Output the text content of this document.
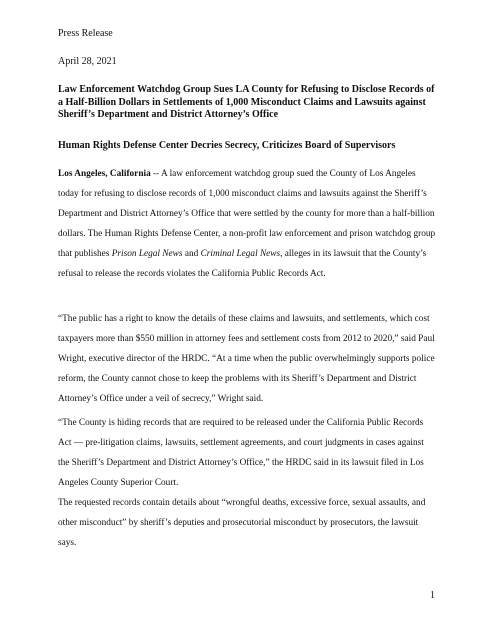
Press Release
April 28, 2021
Law Enforcement Watchdog Group Sues LA County for Refusing to Disclose Records of a Half-Billion Dollars in Settlements of 1,000 Misconduct Claims and Lawsuits against Sheriff’s Department and District Attorney’s Office
Human Rights Defense Center Decries Secrecy, Criticizes Board of Supervisors

Los Angeles, California -- A law enforcement watchdog group sued the County of Los Angeles today for refusing to disclose records of 1,000 misconduct claims and lawsuits against the Sheriff’s Department and District Attorney’s Office that were settled by the county for more than a half-billion dollars. The Human Rights Defense Center, a non-profit law enforcement and prison watchdog group that publishes Prison Legal News and Criminal Legal News, alleges in its lawsuit that the County’s refusal to release the records violates the California Public Records Act.

“The public has a right to know the details of these claims and lawsuits, and settlements, which cost taxpayers more than $550 million in attorney fees and settlement costs from 2012 to 2020,” said Paul Wright, executive director of the HRDC. “At a time when the public overwhelmingly supports police reform, the County cannot chose to keep the problems with its Sheriff’s Department and District Attorney’s Office under a veil of secrecy,” Wright said.

“The County is hiding records that are required to be released under the California Public Records Act — pre-litigation claims, lawsuits, settlement agreements, and court judgments in cases against the Sheriff’s Department and District Attorney’s Office,” the HRDC said in its lawsuit filed in Los Angeles County Superior Court.

The requested records contain details about “wrongful deaths, excessive force, sexual assaults, and other misconduct” by sheriff’s deputies and prosecutorial misconduct by prosecutors, the lawsuit says.

1
